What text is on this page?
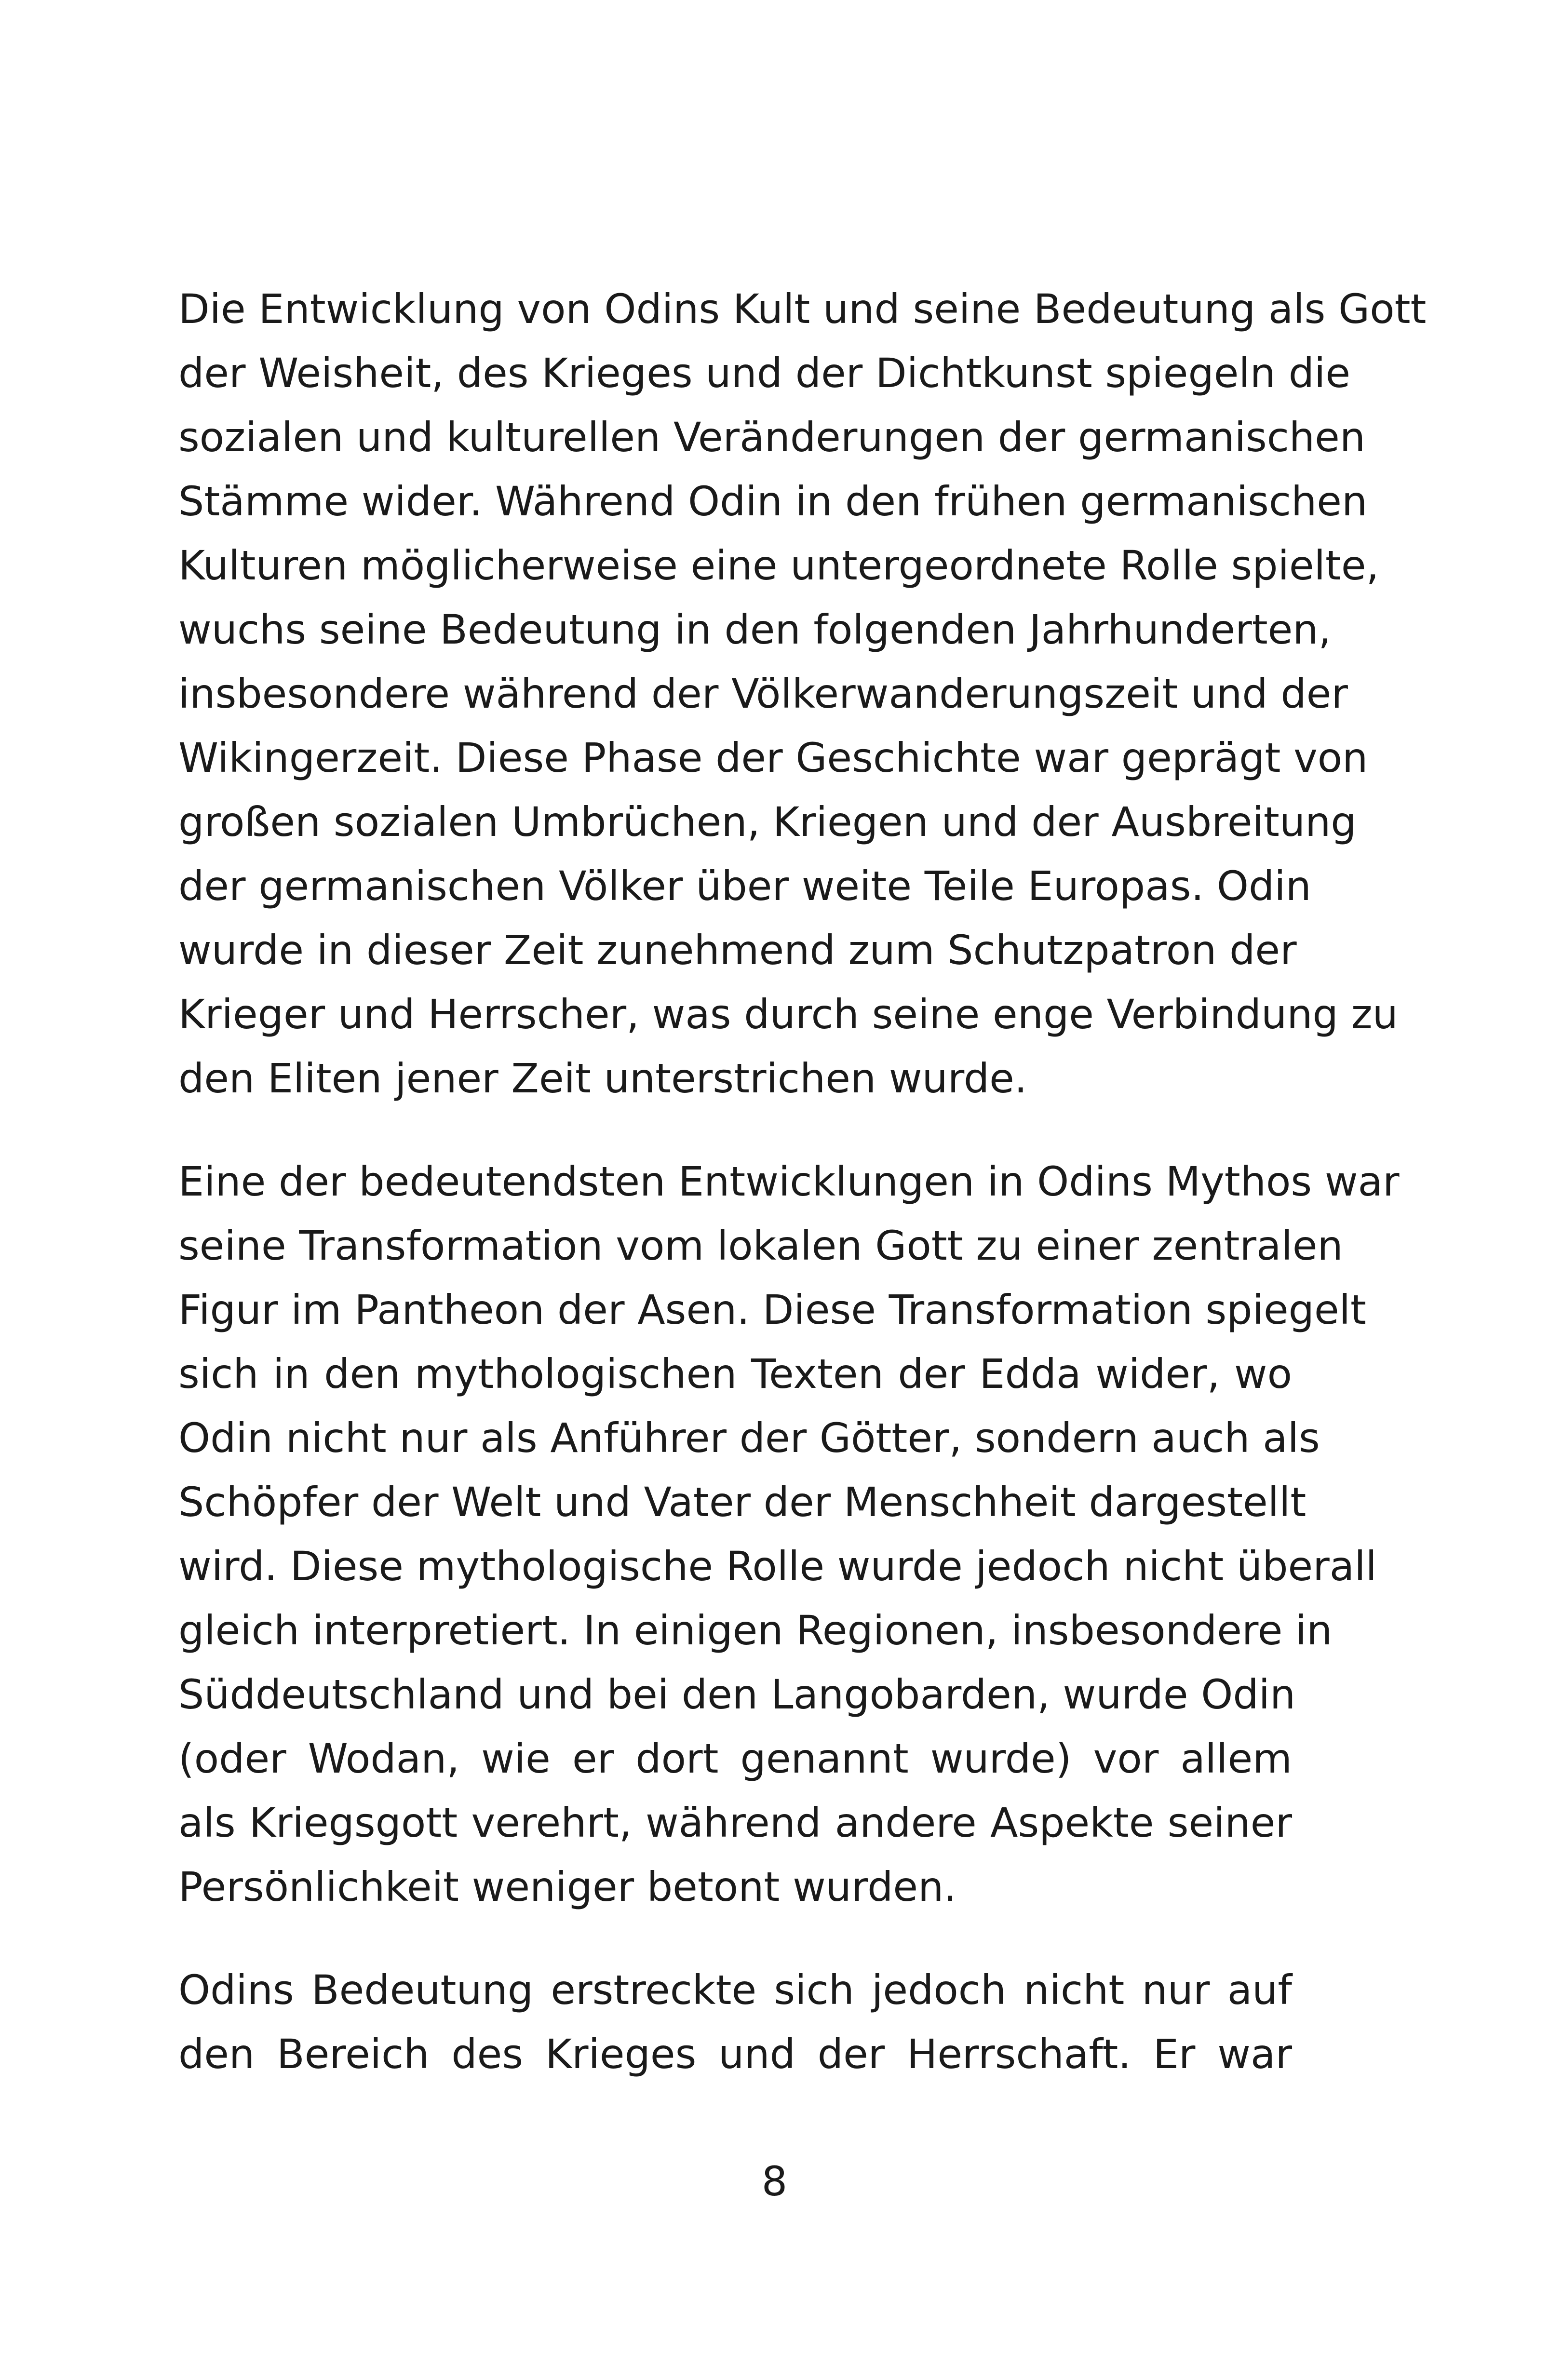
Die Entwicklung von Odins Kult und seine Bedeutung als Gott
der Weisheit, des Krieges und der Dichtkunst spiegeln die
sozialen und kulturellen Veränderungen der germanischen
Stämme wider. Während Odin in den frühen germanischen
Kulturen möglicherweise eine untergeordnete Rolle spielte,
wuchs seine Bedeutung in den folgenden Jahrhunderten,
insbesondere während der Völkerwanderungszeit und der
Wikingerzeit. Diese Phase der Geschichte war geprägt von
großen sozialen Umbrüchen, Kriegen und der Ausbreitung
der germanischen Völker über weite Teile Europas. Odin
wurde in dieser Zeit zunehmend zum Schutzpatron der
Krieger und Herrscher, was durch seine enge Verbindung zu
den Eliten jener Zeit unterstrichen wurde.

Eine der bedeutendsten Entwicklungen in Odins Mythos war
seine Transformation vom lokalen Gott zu einer zentralen
Figur im Pantheon der Asen. Diese Transformation spiegelt
sich in den mythologischen Texten der Edda wider, wo
Odin nicht nur als Anführer der Götter, sondern auch als
Schöpfer der Welt und Vater der Menschheit dargestellt
wird. Diese mythologische Rolle wurde jedoch nicht überall
gleich interpretiert. In einigen Regionen, insbesondere in
Süddeutschland und bei den Langobarden, wurde Odin
(oder Wodan, wie er dort genannt wurde) vor allem
als Kriegsgott verehrt, während andere Aspekte seiner
Persönlichkeit weniger betont wurden.

Odins Bedeutung erstreckte sich jedoch nicht nur auf
den Bereich des Krieges und der Herrschaft. Er war

8
